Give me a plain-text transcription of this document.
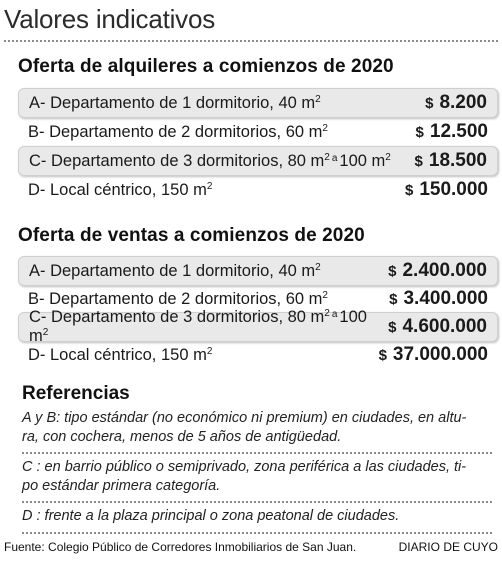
Valores indicativos
Oferta de alquileres a comienzos de 2020
A- Departamento de 1 dormitorio, 40 $m^2$	$ 8.200
B- Departamento de 2 dormitorios, 60 $m^2$	$ 12.500
C- Departamento de 3 dormitorios, 80 $m^2$ $^a$ 100 $m^2$ $ 18.500
D- Local céntrico, 150 $m^2$	$ 150.000
Oferta de ventas a comienzos de 2020
A- Departamento de 1 dormitorio, 40 $m^2$	$ 2.400.000
B- Departamento de 2 dormitorios, 60 $m^2$	$ 3.400.000
C- Departamento de 3 dormitorios, 80 $m^2$ $^a$ 100 $m^2$	$ 4.600.000
D- Local céntrico, 150 $m^2$	$ 37.000.000
Referencias
A y B: tipo estándar (no económico ni premium) en ciudades, en altu-
ra, con cochera, menos de 5 años de antigüedad.
C : en barrio público o semiprivado, zona periférica a las ciudades, ti-
po estándar primera categoría.
D : frente a la plaza principal o zona peatonal de ciudades.
Fuente: Colegio Público de Corredores Inmobiliarios de San Juan.	DIARIO DE CUYO
